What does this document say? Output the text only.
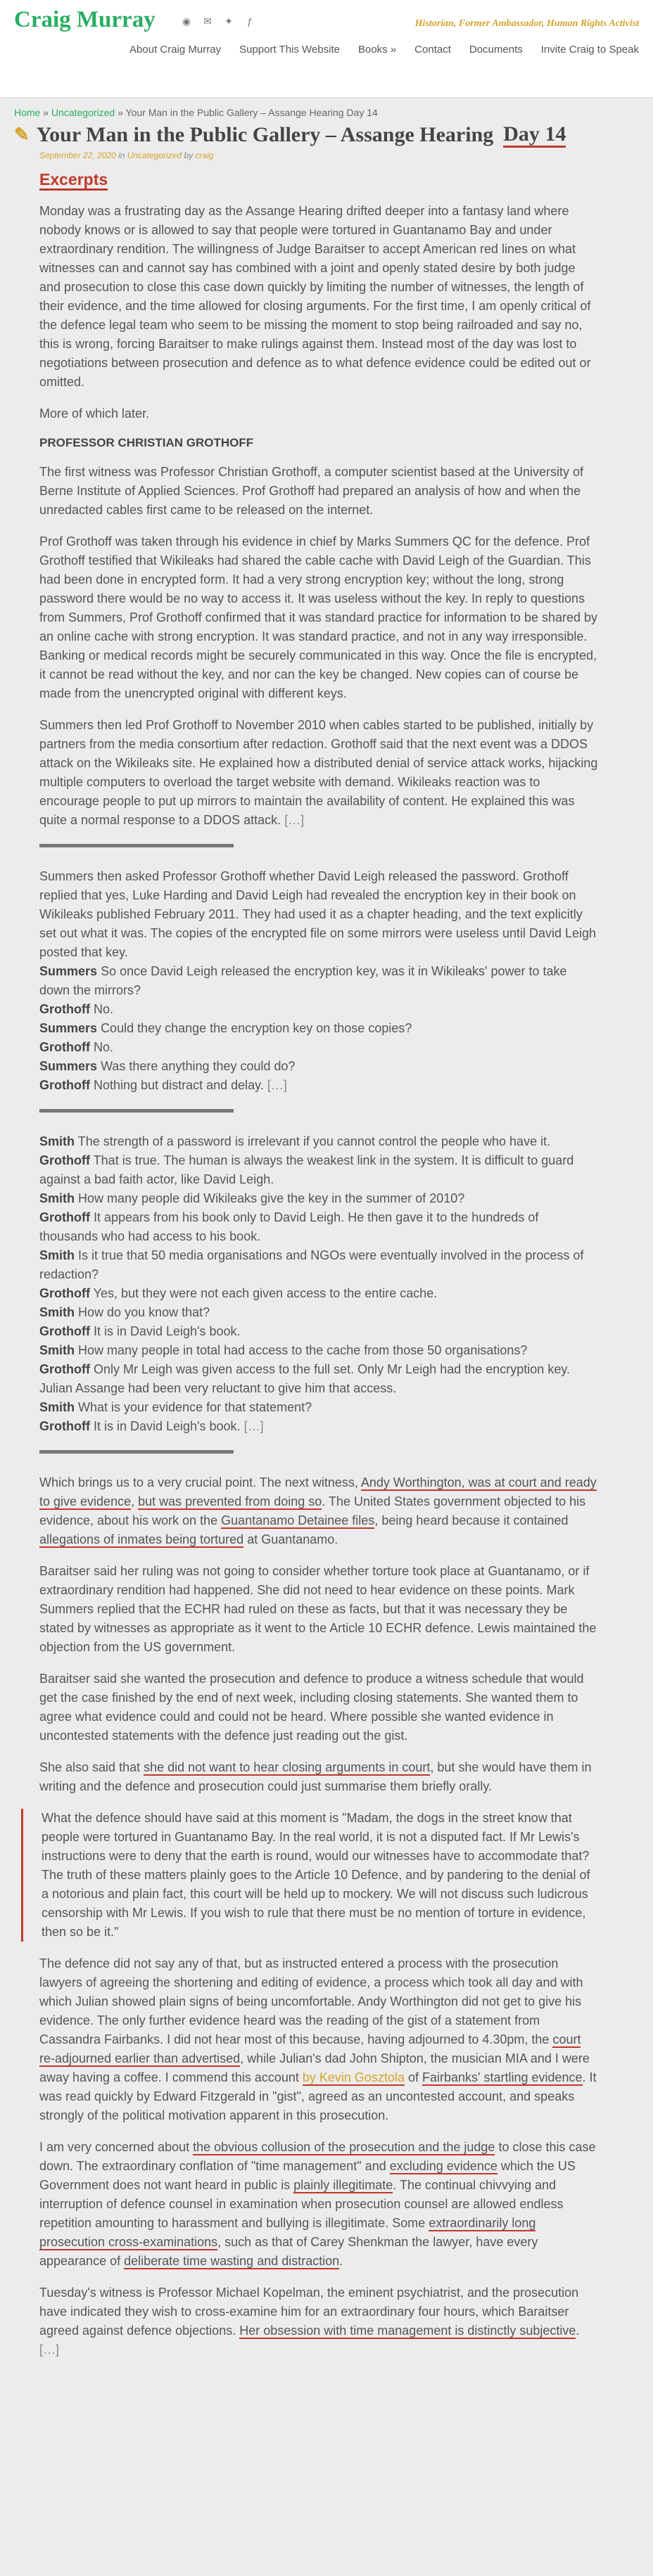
Craig Murray	◉ ✉ ✦	ƒ	Historian, Former Ambassador, Human Rights Activist
About Craig Murray Support This Website Books » Contact Documents Invite Craig to Speak
Home » Uncategorized » Your Man in the Public Gallery – Assange Hearing Day 14
✎ Your Man in the Public Gallery – Assange Hearing Day 14
September 22, 2020 in Uncategorized by craig
Excerpts

Monday was a frustrating day as the Assange Hearing drifted deeper into a fantasy land where nobody knows or is allowed to say that people were tortured in Guantanamo Bay and under extraordinary rendition. The willingness of Judge Baraitser to accept American red lines on what witnesses can and cannot say has combined with a joint and openly stated desire by both judge and prosecution to close this case down quickly by limiting the number of witnesses, the length of their evidence, and the time allowed for closing arguments. For the first time, I am openly critical of the defence legal team who seem to be missing the moment to stop being railroaded and say no, this is wrong, forcing Baraitser to make rulings against them. Instead most of the day was lost to negotiations between prosecution and defence as to what defence evidence could be edited out or omitted.

More of which later.

PROFESSOR CHRISTIAN GROTHOFF

The first witness was Professor Christian Grothoff, a computer scientist based at the University of Berne Institute of Applied Sciences. Prof Grothoff had prepared an analysis of how and when the unredacted cables first came to be released on the internet.

Prof Grothoff was taken through his evidence in chief by Marks Summers QC for the defence. Prof Grothoff testified that Wikileaks had shared the cable cache with David Leigh of the Guardian. This had been done in encrypted form. It had a very strong encryption key; without the long, strong password there would be no way to access it. It was useless without the key. In reply to questions from Summers, Prof Grothoff confirmed that it was standard practice for information to be shared by an online cache with strong encryption. It was standard practice, and not in any way irresponsible. Banking or medical records might be securely communicated in this way. Once the file is encrypted, it cannot be read without the key, and nor can the key be changed. New copies can of course be made from the unencrypted original with different keys.

Summers then led Prof Grothoff to November 2010 when cables started to be published, initially by partners from the media consortium after redaction. Grothoff said that the next event was a DDOS attack on the Wikileaks site. He explained how a distributed denial of service attack works, hijacking multiple computers to overload the target website with demand. Wikileaks reaction was to encourage people to put up mirrors to maintain the availability of content. He explained this was quite a normal response to a DDOS attack. […]

Summers then asked Professor Grothoff whether David Leigh released the password. Grothoff replied that yes, Luke Harding and David Leigh had revealed the encryption key in their book on Wikileaks published February 2011. They had used it as a chapter heading, and the text explicitly set out what it was. The copies of the encrypted file on some mirrors were useless until David Leigh posted that key.

Summers So once David Leigh released the encryption key, was it in Wikileaks' power to take down the mirrors?

Grothoff No.

Summers Could they change the encryption key on those copies?

Grothoff No.

Summers Was there anything they could do?

Grothoff Nothing but distract and delay. […]

Smith The strength of a password is irrelevant if you cannot control the people who have it.

Grothoff That is true. The human is always the weakest link in the system. It is difficult to guard against a bad faith actor, like David Leigh.

Smith How many people did Wikileaks give the key in the summer of 2010?

Grothoff It appears from his book only to David Leigh. He then gave it to the hundreds of thousands who had access to his book.

Smith Is it true that 50 media organisations and NGOs were eventually involved in the process of redaction?

Grothoff Yes, but they were not each given access to the entire cache.

Smith How do you know that?

Grothoff It is in David Leigh's book.

Smith How many people in total had access to the cache from those 50 organisations?

Grothoff Only Mr Leigh was given access to the full set. Only Mr Leigh had the encryption key. Julian Assange had been very reluctant to give him that access.

Smith What is your evidence for that statement?

Grothoff It is in David Leigh's book. […]

Which brings us to a very crucial point. The next witness, Andy Worthington, was at court and ready to give evidence, but was prevented from doing so. The United States government objected to his evidence, about his work on the Guantanamo Detainee files, being heard because it contained allegations of inmates being tortured at Guantanamo.

Baraitser said her ruling was not going to consider whether torture took place at Guantanamo, or if extraordinary rendition had happened. She did not need to hear evidence on these points. Mark Summers replied that the ECHR had ruled on these as facts, but that it was necessary they be stated by witnesses as appropriate as it went to the Article 10 ECHR defence. Lewis maintained the objection from the US government.

Baraitser said she wanted the prosecution and defence to produce a witness schedule that would get the case finished by the end of next week, including closing statements. She wanted them to agree what evidence could and could not be heard. Where possible she wanted evidence in uncontested statements with the defence just reading out the gist.

She also said that she did not want to hear closing arguments in court, but she would have them in writing and the defence and prosecution could just summarise them briefly orally.

What the defence should have said at this moment is "Madam, the dogs in the street know that people were tortured in Guantanamo Bay. In the real world, it is not a disputed fact. If Mr Lewis's instructions were to deny that the earth is round, would our witnesses have to accommodate that? The truth of these matters plainly goes to the Article 10 Defence, and by pandering to the denial of a notorious and plain fact, this court will be held up to mockery. We will not discuss such ludicrous censorship with Mr Lewis. If you wish to rule that there must be no mention of torture in evidence, then so be it."

The defence did not say any of that, but as instructed entered a process with the prosecution lawyers of agreeing the shortening and editing of evidence, a process which took all day and with which Julian showed plain signs of being uncomfortable. Andy Worthington did not get to give his evidence. The only further evidence heard was the reading of the gist of a statement from Cassandra Fairbanks. I did not hear most of this because, having adjourned to 4.30pm, the court re-adjourned earlier than advertised, while Julian's dad John Shipton, the musician MIA and I were away having a coffee. I commend this account by Kevin Gosztola of Fairbanks' startling evidence. It was read quickly by Edward Fitzgerald in "gist", agreed as an uncontested account, and speaks strongly of the political motivation apparent in this prosecution.

I am very concerned about the obvious collusion of the prosecution and the judge to close this case down. The extraordinary conflation of "time management" and excluding evidence which the US Government does not want heard in public is plainly illegitimate. The continual chivvying and interruption of defence counsel in examination when prosecution counsel are allowed endless repetition amounting to harassment and bullying is illegitimate. Some extraordinarily long prosecution cross-examinations, such as that of Carey Shenkman the lawyer, have every appearance of deliberate time wasting and distraction.

Tuesday's witness is Professor Michael Kopelman, the eminent psychiatrist, and the prosecution have indicated they wish to cross-examine him for an extraordinary four hours, which Baraitser agreed against defence objections. Her obsession with time management is distinctly subjective. […]
